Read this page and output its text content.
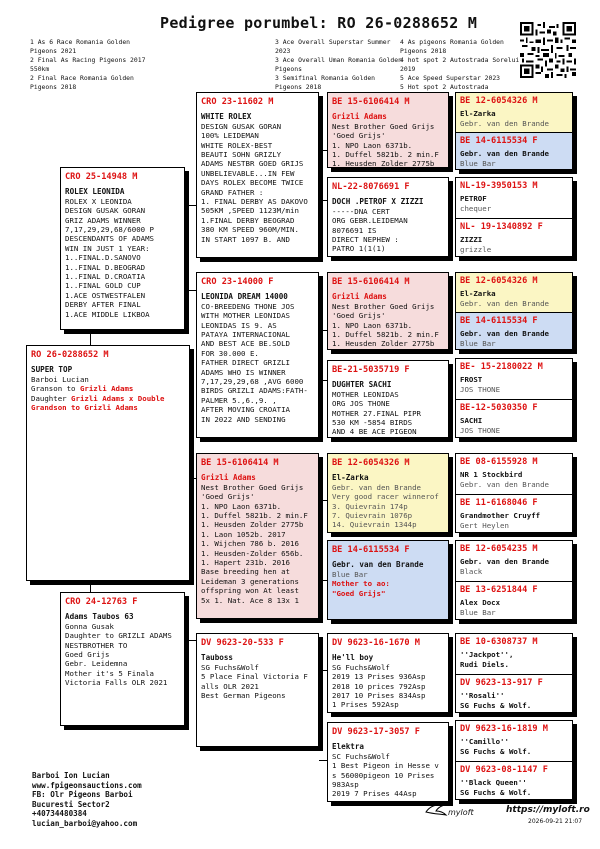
Pedigree porumbel: RO 26-0288652 M
1 As 6 Race Romania Golden Pigeons 2021
2 Final As Racing Pigeons 2017 550km
2 Final Race Romania Golden Pigeons 2018
3 Ace Overall Superstar Summer 2023
3 Ace Overall Uman Romania Golden Pigeons
3 Semifinal Romania Golden Pigeons 2018
4 As pigeons Romania Golden Pigeons 2018
4 hot spot 2 Autostrada Sorelui 2019
5 Ace Speed Superstar 2023
5 Hot spot 2 Autostrada
RO 26-0288652 M
SUPER TOP
Barboi Lucian
Granson to Grizli Adams
Daughter Grizli Adams x Double Grandson to Grizli Adams
CRO 25-14948 M
ROLEX LEONIDA
ROLEX X LEONIDA
DESIGN GUSAK GORAN
GRIZ ADAMS WINNER
7,17,29,29,68/6000 P
DESCENDANTS OF ADAMS
WIN IN JUST 1 YEAR:
1..FINAL.D.SANOVO
1..FINAL D.BEOGRAD
1..FINAL D.CROATIA
1..FINAL GOLD CUP
1.ACE OSTWESTFALEN
DERBY AFTER FINAL
1.ACE MIDDLE LIKBOA
CRO 24-12763 F
Adams Taubos 63
Gonna Gusak
Daughter to GRIZLI ADAMS
NESTBROTHER TO
Goed Grijs
Gebr. Leidemna
Mother it's 5 Finala
Victoria Falls OLR 2021
CRO 23-11602 M
WHITE ROLEX
DESIGN GUSAK GORAN
100% LEIDEMAN
WHITE ROLEX-BEST
BEAUTI SOHN GRIZLY
ADAMS NESTBR GOED GRIJS
UNBELIEVABLE...IN FEW
DAYS ROLEX BECOME TWICE
GRAND FATHER :
1. FINAL DERBY AS DAKOVO
505KM ,SPEED 1123M/min
1.FINAL DERBY BEOGRAD
380 KM SPEED 960M/MIN.
IN START 1097 B. AND
CRO 23-14000 F
LEONIDA DREAM 14000
CO-BREEDENG THONE JOS
WITH MOTHER LEONIDAS
LEONIDAS IS 9. AS
PATAYA INTERNACIONAL
AND BEST ACE BE.SOLD
FOR 30.000 E.
FATHER DIRECT GRIZLI
ADAMS WHO IS WINNER
7,17,29,29,68 ,AVG 6000
BIRDS GRIZLI ADAMS:FATH-
PALMER 5.,6.,9. ,
AFTER MOVING CROATIA
IN 2022 AND SENDING
BE 15-6106414 M
Grizli Adams
Nest Brother Goed Grijs
'Goed Grijs'
1. NPO Laon 6371b.
1. Duffel 5821b. 2 min.F
1. Heusden Zolder 2775b
1. Laon 1052b. 2017
1. Wijchen 786 b. 2016
1. Heusden-Zolder 656b.
1. Hapert 231b. 2016
Base breeding hen at
Leideman 3 generations
offspring won At least
5x 1. Nat. Ace 8 13x 1
DV 9623-20-533 F
Tauboss
SG Fuchs&Wolf
5 Place Final Victoria F
alls OLR 2021
Best German Pigeons
BE 15-6106414 M
Grizli Adams
Nest Brother Goed Grijs
'Goed Grijs'
1. NPO Laon 6371b.
1. Duffel 5821b. 2 min.F
1. Heusden Zolder 2775b
NL-22-8076691 F
DOCH .PETROF X ZIZZI
-----DNA CERT
ORG GEBR.LEIDEMAN
8076691 IS
DIRECT NEPHEW :
PATRO 1(1(1)
BE 15-6106414 M
Grizli Adams
Nest Brother Goed Grijs
'Goed Grijs'
1. NPO Laon 6371b.
1. Duffel 5821b. 2 min.F
1. Heusden Zolder 2775b
BE-21-5035719 F
DUGHTER SACHI
MOTHER LEONIDAS
ORG JOS THONE
MOTHER 27.FINAL PIPR
530 KM -5854 BIRDS
AND 4 BE ACE PIGEON
BE 12-6054326 M
El-Zarka
Gebr. van den Brande
Very good racer winnerof
3. Quievrain 174p
7. Quievrain 1076p
14. Quievrain 1344p
BE 14-6115534 F
Gebr. van den Brande
Blue Bar
Mother to ao:
"Goed Grijs"
DV 9623-16-1670 M
He'll boy
SG Fuchs&Wolf
2019 13 Prises 936Asp
2018 10 prices 792Asp
2017 10 Prises 834Asp
1 Prises 592Asp
DV 9623-17-3057 F
Elektra
SC Fuchs&Wolf
1 Best Pigeon in Hesse v
s 56000pigeon 10 Prises
983Asp
2019 7 Prises 44Asp
BE 12-6054326 M
El-Zarka
Gebr. van den Brande
BE 14-6115534 F
Gebr. van den Brande
Blue Bar
NL-19-3950153 M
PETROF
chequer
NL- 19-1340892 F
ZIZZI
grizzle
BE 12-6054326 M
El-Zarka
Gebr. van den Brande
BE 14-6115534 F
Gebr. van den Brande
Blue Bar
BE- 15-2180022 M
FROST
JOS THONE
BE-12-5030350 F
SACHI
JOS THONE
BE 08-6155928 M
NR 1 Stockbird
Gebr. van den Brande
BE 11-6168046 F
Grandmother Cruyff
Gert Heylen
BE 12-6054235 M
Gebr. van den Brande
Black
BE 13-6251844 F
Alex Docx
Blue Bar
BE 10-6308737 M
''Jackpot'',
Rudi Diels.
DV 9623-13-917 F
''Rosali''
SG Fuchs & Wolf.
DV 9623-16-1819 M
''Camillo''
SG Fuchs & Wolf.
DV 9623-08-1147 F
''Black Queen''
SG Fuchs & Wolf.
Barboi Ion Lucian
www.fpigeonsauctions.com
FB: Olr Pigeons Barboi
Bucuresti Sector2
+40734480384
lucian_barboi@yahoo.com
myloft	https://myloft.ro
2026-09-21 21:07
